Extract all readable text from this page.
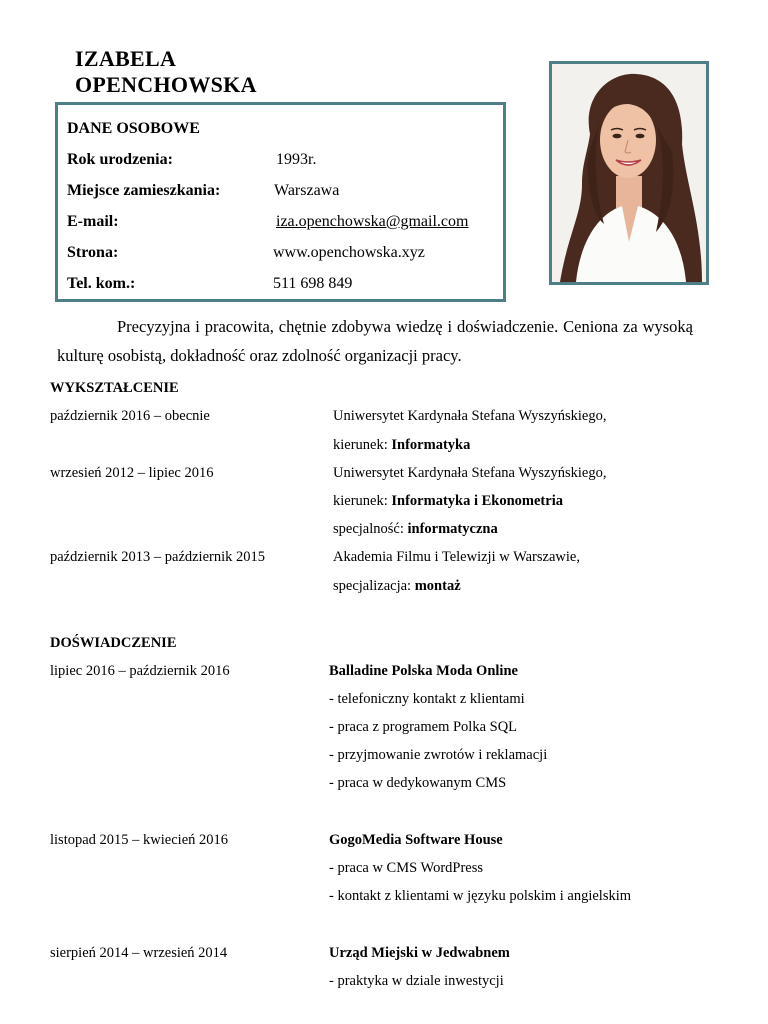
IZABELA
OPENCHOWSKA
DANE OSOBOWE
Rok urodzenia:	1993r.
Miejsce zamieszkania:	Warszawa
E-mail:	iza.openchowska@gmail.com
Strona:	www.openchowska.xyz
Tel. kom.:	511 698 849

Precyzyjna i pracowita, chętnie zdobywa wiedzę i doświadczenie. Ceniona za wysoką kulturę osobistą, dokładność oraz zdolność organizacji pracy.

WYKSZTAŁCENIE
październik 2016 – obecnie	Uniwersytet Kardynała Stefana Wyszyńskiego,
kierunek: Informatyka
wrzesień 2012 – lipiec 2016	Uniwersytet Kardynała Stefana Wyszyńskiego,
kierunek: Informatyka i Ekonometria
specjalność: informatyczna
październik 2013 – październik 2015	Akademia Filmu i Telewizji w Warszawie,
specjalizacja: montaż
DOŚWIADCZENIE
lipiec 2016 – październik 2016	Balladine Polska Moda Online
- telefoniczny kontakt z klientami
- praca z programem Polka SQL
- przyjmowanie zwrotów i reklamacji
- praca w dedykowanym CMS
listopad 2015 – kwiecień 2016	GogoMedia Software House
- praca w CMS WordPress
- kontakt z klientami w języku polskim i angielskim
sierpień 2014 – wrzesień 2014	Urząd Miejski w Jedwabnem
- praktyka w dziale inwestycji
